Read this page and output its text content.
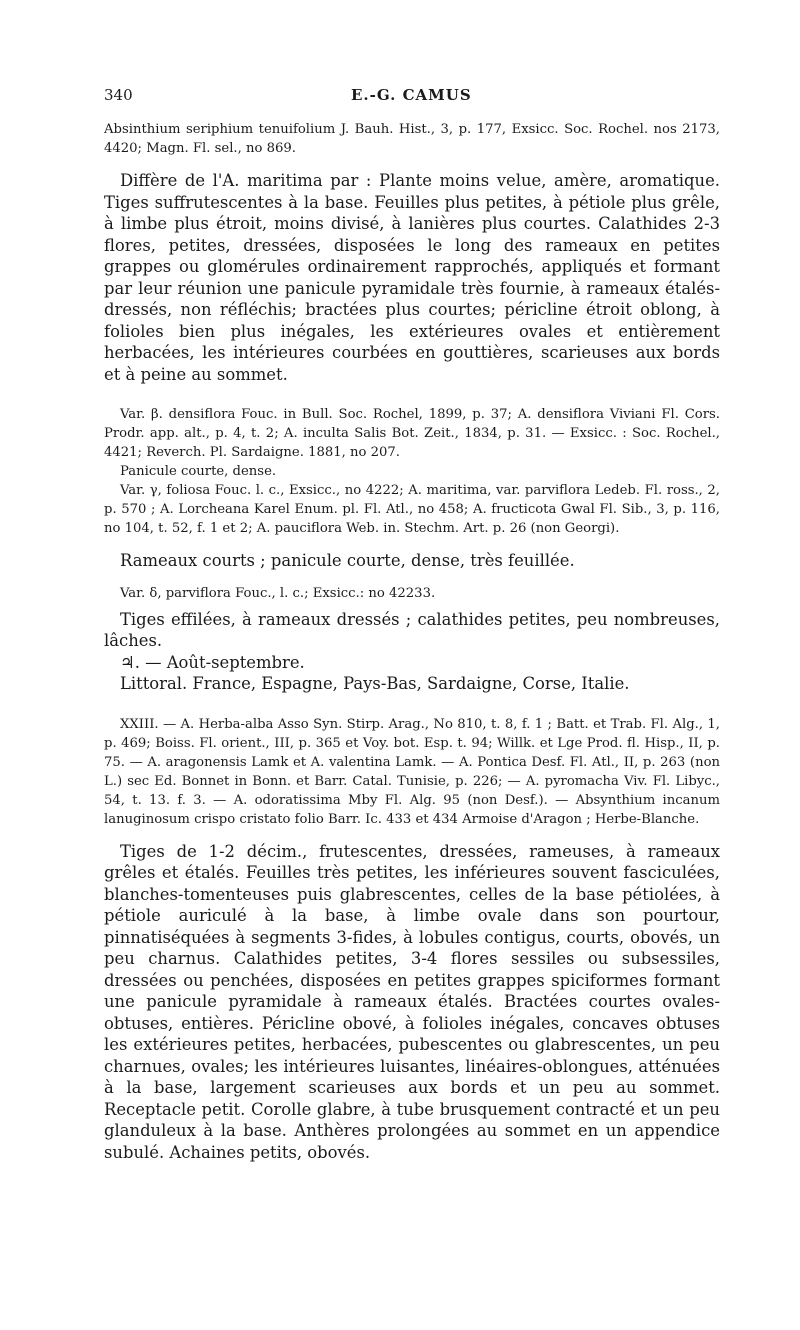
340	E.-G. CAMUS

Absinthium seriphium tenuifolium J. Bauh. Hist., 3, p. 177, Exsicc. Soc. Rochel. nos 2173, 4420; Magn. Fl. sel., no 869.

Diffère de l'A. maritima par : Plante moins velue, amère, aromatique. Tiges suffrutescentes à la base. Feuilles plus petites, à pétiole plus grêle, à limbe plus étroit, moins divisé, à lanières plus courtes. Calathides 2-3 flores, petites, dressées, disposées le long des rameaux en petites grappes ou glomérules ordinairement rapprochés, appliqués et formant par leur réunion une panicule pyramidale très fournie, à rameaux étalés-dressés, non réfléchis; bractées plus courtes; péricline étroit oblong, à folioles bien plus inégales, les extérieures ovales et entièrement herbacées, les intérieures courbées en gouttières, scarieuses aux bords et à peine au sommet.

Var. β. densiflora Fouc. in Bull. Soc. Rochel, 1899, p. 37; A. densiflora Viviani Fl. Cors. Prodr. app. alt., p. 4, t. 2; A. inculta Salis Bot. Zeit., 1834, p. 31. — Exsicc. : Soc. Rochel., 4421; Reverch. Pl. Sardaigne. 1881, no 207.

Panicule courte, dense.

Var. γ, foliosa Fouc. l. c., Exsicc., no 4222; A. maritima, var. parviflora Ledeb. Fl. ross., 2, p. 570 ; A. Lorcheana Karel Enum. pl. Fl. Atl., no 458; A. fructicota Gwal Fl. Sib., 3, p. 116, no 104, t. 52, f. 1 et 2; A. pauciflora Web. in. Stechm. Art. p. 26 (non Georgi).

Rameaux courts ; panicule courte, dense, très feuillée.

Var. δ, parviflora Fouc., l. c.; Exsicc.: no 42233.

Tiges effilées, à rameaux dressés ; calathides petites, peu nombreuses, lâches.

♃. — Août-septembre.

Littoral. France, Espagne, Pays-Bas, Sardaigne, Corse, Italie.

XXIII. — A. Herba-alba Asso Syn. Stirp. Arag., No 810, t. 8, f. 1 ; Batt. et Trab. Fl. Alg., 1, p. 469; Boiss. Fl. orient., III, p. 365 et Voy. bot. Esp. t. 94; Willk. et Lge Prod. fl. Hisp., II, p. 75. — A. aragonensis Lamk et A. valentina Lamk. — A. Pontica Desf. Fl. Atl., II, p. 263 (non L.) sec Ed. Bonnet in Bonn. et Barr. Catal. Tunisie, p. 226; — A. pyromacha Viv. Fl. Libyc., 54, t. 13. f. 3. — A. odoratissima Mby Fl. Alg. 95 (non Desf.). — Absynthium incanum lanuginosum crispo cristato folio Barr. Ic. 433 et 434 Armoise d'Aragon ; Herbe-Blanche.

Tiges de 1-2 décim., frutescentes, dressées, rameuses, à rameaux grêles et étalés. Feuilles très petites, les inférieures souvent fasciculées, blanches-tomenteuses puis glabrescentes, celles de la base pétiolées, à pétiole auriculé à la base, à limbe ovale dans son pourtour, pinnatiséquées à segments 3-fides, à lobules contigus, courts, obovés, un peu charnus. Calathides petites, 3-4 flores sessiles ou subsessiles, dressées ou penchées, disposées en petites grappes spiciformes formant une panicule pyramidale à rameaux étalés. Bractées courtes ovales-obtuses, entières. Péricline obové, à folioles inégales, concaves obtuses les extérieures petites, herbacées, pubescentes ou glabrescentes, un peu charnues, ovales; les intérieures luisantes, linéaires-oblongues, atténuées à la base, largement scarieuses aux bords et un peu au sommet. Receptacle petit. Corolle glabre, à tube brusquement contracté et un peu glanduleux à la base. Anthères prolongées au sommet en un appendice subulé. Achaines petits, obovés.
